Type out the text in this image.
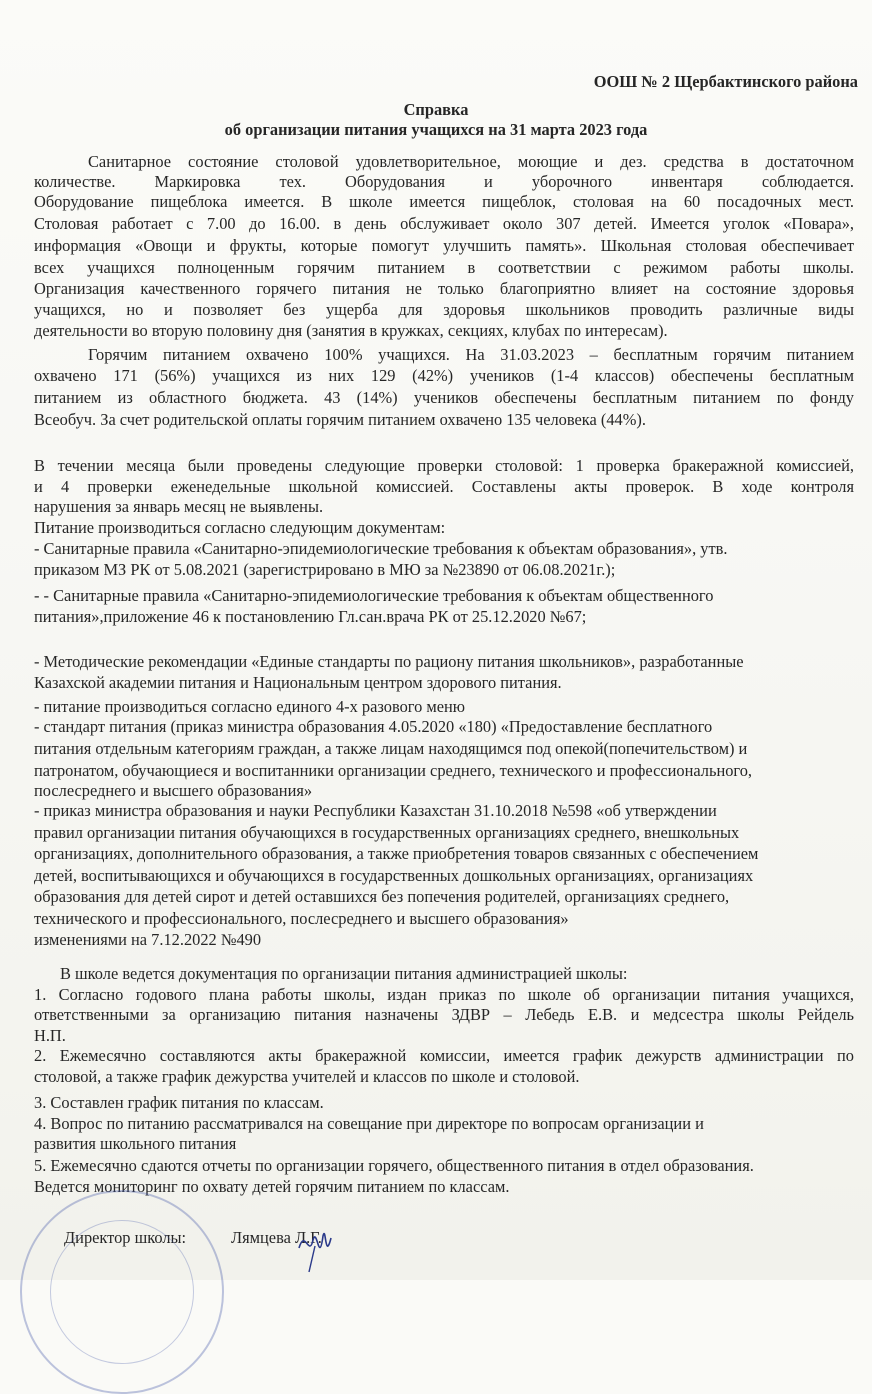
ООШ № 2 Щербактинского района

Справка

об организации питания учащихся на 31 марта 2023 года

Санитарное состояние столовой удовлетворительное, моющие и дез. средства в достаточном

количестве. Маркировка тех. Оборудования и уборочного инвентаря соблюдается.

Оборудование пищеблока имеется. В школе имеется пищеблок, столовая на 60 посадочных мест.

Столовая работает с 7.00 до 16.00. в день обслуживает около 307 детей. Имеется уголок «Повара»,

информация «Овощи и фрукты, которые помогут улучшить память». Школьная столовая обеспечивает

всех учащихся полноценным горячим питанием в соответствии с режимом работы школы.

Организация качественного горячего питания не только благоприятно влияет на состояние здоровья

учащихся, но и позволяет без ущерба для здоровья школьников проводить различные виды

деятельности во вторую половину дня (занятия в кружках, секциях, клубах по интересам).

Горячим питанием охвачено 100% учащихся. На 31.03.2023 – бесплатным горячим питанием

охвачено 171 (56%) учащихся из них 129 (42%) учеников (1-4 классов) обеспечены бесплатным

питанием из областного бюджета. 43 (14%) учеников обеспечены бесплатным питанием по фонду

Всеобуч. За счет родительской оплаты горячим питанием охвачено 135 человека (44%).

В течении месяца были проведены следующие проверки столовой: 1 проверка бракеражной комиссией,

и 4 проверки еженедельные школьной комиссией. Составлены акты проверок. В ходе контроля

нарушения за январь месяц не выявлены.

Питание производиться согласно следующим документам:

- Санитарные правила «Санитарно-эпидемиологические требования к объектам образования», утв.

приказом МЗ РК от 5.08.2021 (зарегистрировано в МЮ за №23890 от 06.08.2021г.);

- - Санитарные правила «Санитарно-эпидемиологические требования к объектам общественного

питания»,приложение 46 к постановлению Гл.сан.врача РК от 25.12.2020 №67;

- Методические рекомендации «Единые стандарты по рациону питания школьников», разработанные

Казахской академии питания и Национальным центром здорового питания.

- питание производиться согласно единого 4-х разового меню

- стандарт питания (приказ министра образования 4.05.2020 «180) «Предоставление бесплатного

питания отдельным категориям граждан, а также лицам находящимся под опекой(попечительством) и

патронатом, обучающиеся и воспитанники организации среднего, технического и профессионального,

послесреднего и высшего образования»

- приказ министра образования и науки Республики Казахстан 31.10.2018 №598 «об утверждении

правил организации питания обучающихся в государственных организациях среднего, внешкольных

организациях, дополнительного образования, а также приобретения товаров связанных с обеспечением

детей, воспитывающихся и обучающихся в государственных дошкольных организациях, организациях

образования для детей сирот и детей оставшихся без попечения родителей, организациях среднего,

технического и профессионального, послесреднего и высшего образования»

изменениями на 7.12.2022 №490

В школе ведется документация по организации питания администрацией школы:

1. Согласно годового плана работы школы, издан приказ по школе об организации питания учащихся,

ответственными за организацию питания назначены ЗДВР – Лебедь Е.В. и медсестра школы Рейдель

Н.П.

2. Ежемесячно составляются акты бракеражной комиссии, имеется график дежурств администрации по

столовой, а также график дежурства учителей и классов по школе и столовой.

3. Составлен график питания по классам.

4. Вопрос по питанию рассматривался на совещание при директоре по вопросам организации и

развития школьного питания

5. Ежемесячно сдаются отчеты по организации горячего, общественного питания в отдел образования.

Ведется мониторинг по охвату детей горячим питанием по классам.

Директор школы:	Лямцева Л.Г.
